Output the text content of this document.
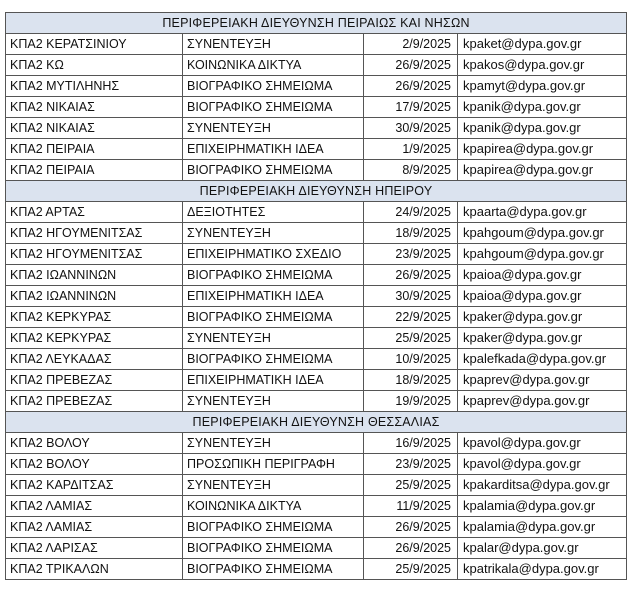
ΠΕΡΙΦΕΡΕΙΑΚΗ ΔΙΕΥΘΥΝΣΗ ΠΕΙΡΑΙΩΣ ΚΑΙ ΝΗΣΩΝ			
ΚΠΑ2 ΚΕΡΑΤΣΙΝΙΟΥ	ΣΥΝΕΝΤΕΥΞΗ	2/9/2025	kpaket@dypa.gov.gr
ΚΠΑ2 ΚΩ	ΚΟΙΝΩΝΙΚΑ ΔΙΚΤΥΑ	26/9/2025	kpakos@dypa.gov.gr
ΚΠΑ2 ΜΥΤΙΛΗΝΗΣ	ΒΙΟΓΡΑΦΙΚΟ ΣΗΜΕΙΩΜΑ	26/9/2025	kpamyt@dypa.gov.gr
ΚΠΑ2 ΝΙΚΑΙΑΣ	ΒΙΟΓΡΑΦΙΚΟ ΣΗΜΕΙΩΜΑ	17/9/2025	kpanik@dypa.gov.gr
ΚΠΑ2 ΝΙΚΑΙΑΣ	ΣΥΝΕΝΤΕΥΞΗ	30/9/2025	kpanik@dypa.gov.gr
ΚΠΑ2 ΠΕΙΡΑΙΑ	ΕΠΙΧΕΙΡΗΜΑΤΙΚΗ ΙΔΕΑ	1/9/2025	kpapirea@dypa.gov.gr
ΚΠΑ2 ΠΕΙΡΑΙΑ	ΒΙΟΓΡΑΦΙΚΟ ΣΗΜΕΙΩΜΑ	8/9/2025	kpapirea@dypa.gov.gr
ΠΕΡΙΦΕΡΕΙΑΚΗ ΔΙΕΥΘΥΝΣΗ ΗΠΕΙΡΟΥ			
ΚΠΑ2 ΑΡΤΑΣ	ΔΕΞΙΟΤΗΤΕΣ	24/9/2025	kpaarta@dypa.gov.gr
ΚΠΑ2 ΗΓΟΥΜΕΝΙΤΣΑΣ	ΣΥΝΕΝΤΕΥΞΗ	18/9/2025	kpahgoum@dypa.gov.gr
ΚΠΑ2 ΗΓΟΥΜΕΝΙΤΣΑΣ	ΕΠΙΧΕΙΡΗΜΑΤΙΚΟ ΣΧΕΔΙΟ	23/9/2025	kpahgoum@dypa.gov.gr
ΚΠΑ2 ΙΩΑΝΝΙΝΩΝ	ΒΙΟΓΡΑΦΙΚΟ ΣΗΜΕΙΩΜΑ	26/9/2025	kpaioa@dypa.gov.gr
ΚΠΑ2 ΙΩΑΝΝΙΝΩΝ	ΕΠΙΧΕΙΡΗΜΑΤΙΚΗ ΙΔΕΑ	30/9/2025	kpaioa@dypa.gov.gr
ΚΠΑ2 ΚΕΡΚΥΡΑΣ	ΒΙΟΓΡΑΦΙΚΟ ΣΗΜΕΙΩΜΑ	22/9/2025	kpaker@dypa.gov.gr
ΚΠΑ2 ΚΕΡΚΥΡΑΣ	ΣΥΝΕΝΤΕΥΞΗ	25/9/2025	kpaker@dypa.gov.gr
ΚΠΑ2 ΛΕΥΚΑΔΑΣ	ΒΙΟΓΡΑΦΙΚΟ ΣΗΜΕΙΩΜΑ	10/9/2025	kpalefkada@dypa.gov.gr
ΚΠΑ2 ΠΡΕΒΕΖΑΣ	ΕΠΙΧΕΙΡΗΜΑΤΙΚΗ ΙΔΕΑ	18/9/2025	kpaprev@dypa.gov.gr
ΚΠΑ2 ΠΡΕΒΕΖΑΣ	ΣΥΝΕΝΤΕΥΞΗ	19/9/2025	kpaprev@dypa.gov.gr
ΠΕΡΙΦΕΡΕΙΑΚΗ ΔΙΕΥΘΥΝΣΗ ΘΕΣΣΑΛΙΑΣ			
ΚΠΑ2 ΒΟΛΟΥ	ΣΥΝΕΝΤΕΥΞΗ	16/9/2025	kpavol@dypa.gov.gr
ΚΠΑ2 ΒΟΛΟΥ	ΠΡΟΣΩΠΙΚΗ ΠΕΡΙΓΡΑΦΗ	23/9/2025	kpavol@dypa.gov.gr
ΚΠΑ2 ΚΑΡΔΙΤΣΑΣ	ΣΥΝΕΝΤΕΥΞΗ	25/9/2025	kpakarditsa@dypa.gov.gr
ΚΠΑ2 ΛΑΜΙΑΣ	ΚΟΙΝΩΝΙΚΑ ΔΙΚΤΥΑ	11/9/2025	kpalamia@dypa.gov.gr
ΚΠΑ2 ΛΑΜΙΑΣ	ΒΙΟΓΡΑΦΙΚΟ ΣΗΜΕΙΩΜΑ	26/9/2025	kpalamia@dypa.gov.gr
ΚΠΑ2 ΛΑΡΙΣΑΣ	ΒΙΟΓΡΑΦΙΚΟ ΣΗΜΕΙΩΜΑ	26/9/2025	kpalar@dypa.gov.gr
ΚΠΑ2 ΤΡΙΚΑΛΩΝ	ΒΙΟΓΡΑΦΙΚΟ ΣΗΜΕΙΩΜΑ	25/9/2025	kpatrikala@dypa.gov.gr
